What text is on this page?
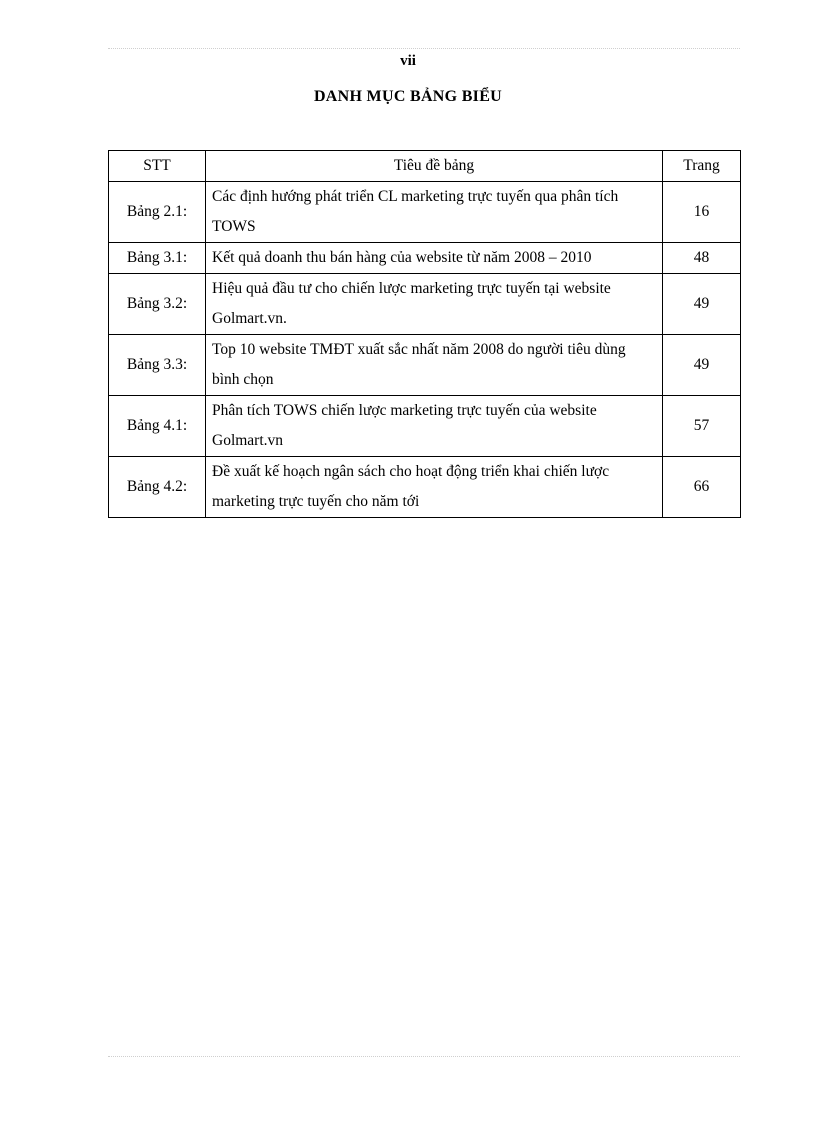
vii
DANH MỤC BẢNG BIỂU
STT	Tiêu đề bảng	Trang
Bảng 2.1:	Các định hướng phát triển CL marketing trực tuyến qua phân tích TOWS	16
Bảng 3.1:	Kết quả doanh thu bán hàng của website từ năm 2008 – 2010	48
Bảng 3.2:	Hiệu quả đầu tư cho chiến lược marketing trực tuyến tại website Golmart.vn.	49
Bảng 3.3:	Top 10 website TMĐT xuất sắc nhất năm 2008 do người tiêu dùng bình chọn	49
Bảng 4.1:	Phân tích TOWS chiến lược marketing trực tuyến của website Golmart.vn	57
Bảng 4.2:	Đề xuất kế hoạch ngân sách cho hoạt động triển khai chiến lược marketing trực tuyến cho năm tới	66
